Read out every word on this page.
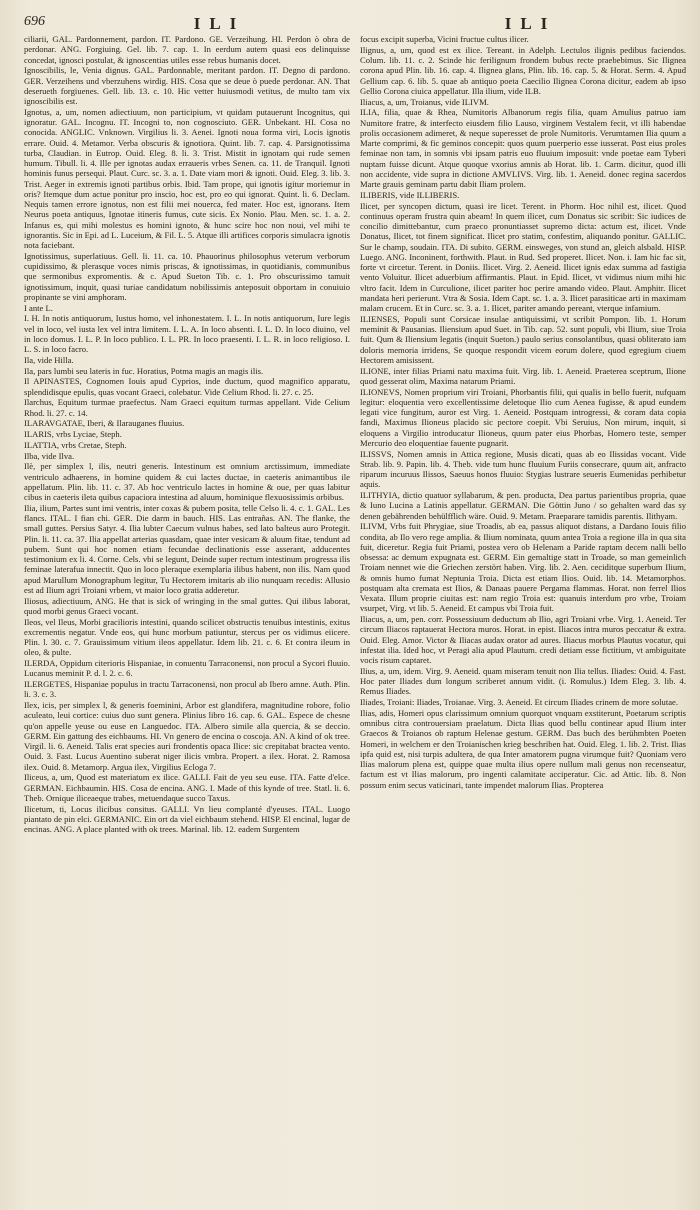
696	ILI	ILI

ciliarii, GAL. Pardonnement, pardon. IT. Pardono. GE. Verzeihung. HI. Perdon ò obra de perdonar. ANG. Forgiuing. Gel. lib. 7. cap. 1. In eerdum autem quasi eos delinquisse concedat, ignosci postulat, & ignoscentias utiles esse rebus humanis docet.

Ignoscibilis, le, Venia dignus. GAL. Pardonnable, meritant pardon. IT. Degno di pardono. GER. Verzeihens und vberzuhens wirdig. HIS. Cosa que se deue ò puede perdonar. AN. That deserueth forgiuenes. Gell. lib. 13. c. 10. Hic vetter huiusmodi vetitus, de multo tam vix ignoscibilis est.

Ignotus, a, um, nomen adiectiuum, non participium, vt quidam putauerunt Incognitus, qui ignoratur. GAL. Incognu. IT. Incogni to, non cognosciuto. GER. Unbekant. HI. Cosa no conocida. ANGLIC. Vnknown. Virgilius li. 3. Aenei. Ignoti noua forma viri, Locis ignotis errare. Ouid. 4. Metamor. Verba obscuris & ignotiora. Quint. lib. 7. cap. 4. Parsignotissima turba, Claudian. in Eutrop. Ouid. Eleg. 8. li. 3. Trist. Mistit in ignotam qui rude semen humum. Tibull. li. 4. Ille per ignotas audax erraueris vrbes Senen. ca. 11. de Tranquil. Ignoti hominis funus persequi. Plaut. Curc. sc. 3. a. 1. Date viam mori & ignoti. Ouid. Eleg. 3. lib. 3. Trist. Aeger in extremis ignoti partibus orbis. Ibid. Tam prope, qui ignotis igitur moriemur in oris? Itemque dum actue ponitur pro inscio, hoc est, pro eo qui ignorat. Quint. li. 6. Declam. Nequis tamen errore ignotus, non est filii mei nouerca, fed mater. Hoc est, ignorans. Item Neurus poeta antiquus, Ignotae itineris fumus, cute sicis. Ex Nonio. Plau. Men. sc. 1. a. 2. Infanus es, qui mihi molestus es homini ignoto, & hunc scire hoc non noui, vel mihi te ignorantis. Sic in Epi. ad L. Luceium, & Fil. L. 5. Atque illi artifices corporis simulacra ignotis nota faciebant.

Ignotissimus, superlatiuus. Gell. li. 11. ca. 10. Phauorinus philosophus veterum verborum cupidissimo, & plerasque voces nimis priscas, & ignotissimas, in quotidianis, communibus que sermonibus expromentis. & c. Apud Sueton Tib. c. 1. Pro obscurissimo tamuit ignotissimum, inquit, quasi turiae candidatum nobilissimis anteposuit obportam in conuiuio propinante se vini amphoram.

I ante L.

I. H. In notis antiquorum, Iustus homo, vel inhonestatem. I. L. In notis antiquorum, Iure legis vel in loco, vel iusta lex vel intra limitem. I. L. A. In loco absenti. I. L. D. In loco diuino, vel in loco domus. I. L. P. In loco publico. I. L. PR. In loco praesenti. I. L. R. in loco religioso. I. L. S. in loco facro.

Ila, vide Hilla.

Ila, pars lumbi seu lateris in fuc. Horatius, Potma magis an magis ilis.

Il APINASTES, Cognomen Iouis apud Cyprios, inde ductum, quod magnifico apparatu, splendidisque epulis, quas vocant Graeci, colebatur. Vide Celium Rhod. li. 27. c. 25.

Ilarchus, Equitum turmae praefectus. Nam Graeci equitum turmas appellant. Vide Celium Rhod. li. 27. c. 14.

ILARAVGATAE, Iberi, & Ilarauganes fluuius.

ILARIS, vrbs Lyciae, Steph.

ILATTIA, vrbs Cretae, Steph.

Ilba, vide Ilva.

Ilè, per simplex l, ilis, neutri generis. Intestinum est omnium arctissimum, immediate ventriculo adhaerens, in homine quidem & cui lactes ductae, in caeteris animantibus ile appellatum. Plin. lib. 11. c. 37. Ab hoc ventriculo lactes in homine & oue, per quas labitur cibus in caeteris ileta quibus capaciora intestina ad aluum, hominique flexuosissimis orbibus.

Ilia, ilium, Partes sunt imi ventris, inter coxas & pubem posita, telle Celso li. 4. c. 1. GAL. Les flancs. ITAL. I fian chi. GER. Die darm in bauch. HIS. Las entrañas. AN. The flanke, the small guttes. Persius Satyr. 4. Ilia lubter Caecum vulnus habes, sed lato balteus auro Protegit. Plin. li. 11. ca. 37. Ilia appellat arterias quasdam, quae inter vesicam & aluum fitae, tendunt ad pubem. Sunt qui hoc nomen etiam fecundae declinationis esse asserant, adducentes testimonium ex li. 4. Corne. Cels. vbi se legunt, Deinde super rectum intestinum progressa ilis feminae laterafua innectit. Quo in loco pleraque exemplaria ilibus habent, non ilis. Nam quod apud Marullum Monographum legitur, Tu Hectorem imitaris ab ilio nunquam recedis: Allusio est ad Ilium agri Troiani vrbem, vt maior loco gratia adderetur.

Iliosus, adiectiuum, ANG. He that is sick of wringing in the smal guttes. Qui ilibus laborat, quod morbi genus Graeci vocant.

Ileos, vel Ileus, Morbi gracilioris intestini, quando scilicet obstructis tenuibus intestinis, exitus excrementis negatur. Vnde eos, qui hunc morbum patiuntur, stercus per os vidimus eiicere. Plin. l. 30. c. 7. Grauissimum vitium ileos appellatur. Idem lib. 21. c. 6. Et contra ileum in oleo, & pulte.

ILERDA, Oppidum citerioris Hispaniae, in conuentu Tarraconensi, non procul a Sycori fluuio. Lucanus meminit P. d. l. 2. c. 6.

ILERGETES, Hispaniae populus in tractu Tarraconensi, non procul ab Ibero amne. Auth. Plin. li. 3. c. 3.

Ilex, icis, per simplex l, & generis foeminini, Arbor est glandifera, magnitudine robore, folio aculeato, leui cortice: cuius duo sunt genera. Plinius libro 16. cap. 6. GAL. Espece de chesne qu'on appelle yeuse ou euse en Languedoc. ITA. Albero simile alla quercia, & se deccio. GERM. Ein gattung des eichbaums. HI. Vn genero de encina o coscoja. AN. A kind of ok tree. Virgil. li. 6. Aeneid. Talis erat species auri frondentis opaca Ilice: sic crepitabat bractea vento. Ouid. 3. Fast. Lucus Auentino suberat niger ilicis vmbra. Propert. a ilex. Horat. 2. Ramosa ilex. Ouid. 8. Metamorp. Argua ilex, Virgilius Ecloga 7.

Iliceus, a, um, Quod est materiatum ex ilice. GALLI. Fait de yeu seu euse. ITA. Fatte d'elce. GERMAN. Eichbaumin. HIS. Cosa de encina. ANG. I. Made of this kynde of tree. Statl. li. 6. Theb. Ornique iliceaeque trabes, metuendaque succo Taxus.

Ilicetum, ti, Locus ilicibus consitus. GALLI. Vn lieu complanté d'yeuses. ITAL. Luogo piantato de pin elci. GERMANIC. Ein ort da viel eichbaum stehend. HISP. El encinal, lugar de encinas. ANG. A place planted with ok trees. Marinal. lib. 12. eadem Surgentem

focus excipit superba, Vicini fructue cultus ilicer.

Ilignus, a, um, quod est ex ilice. Tereant. in Adelph. Lectulos ilignis pedibus faciendos. Colum. lib. 11. c. 2. Scinde hic ferilignum frondem bubus recte praebebimus. Sic Ilignea corona apud Plin. lib. 16. cap. 4. Ilignea glans, Plin. lib. 16. cap. 5. & Horat. Serm. 4. Apud Gellium cap. 6. lib. 5. quae ab antiquo poeta Caecilio Ilignea Corona dicitur, eadem ab ipso Gellio Corona ciuica appellatur. Illa ilium, vide ILB.

Iliacus, a, um, Troianus, vide ILIVM.

ILIA, filia, quae & Rhea, Numitoris Albanorum regis filia, quam Amulius patruo iam Numitore fratre, & interfecto eiusdem filio Lauso, virginem Vestalem fecit, vt illi habendae prolis occasionem adimeret, & neque superesset de prole Numitoris. Verumtamen Ilia quum a Marte comprimi, & fic geminos concepit: quos quum puerperio esse iusserat. Post eius proles feminae non tam, in somnis vbi ipsam patris euo fluuium imposuit: vnde poetae eam Tyberi nuptam fuisse dicunt. Atque quoque vxorius amnis ab Horat. lib. 1. Carm. dicitur, quod illi non accidente, vide supra in dictione AMVLIVS. Virg. lib. 1. Aeneid. donec regina sacerdos Marte grauis geminam partu dabit Iliam prolem.

ILIBERIS, vide ILLIBERIS.

Ilicet, per syncopen dictum, quasi ire licet. Terent. in Phorm. Hoc nihil est, ilicet. Quod continuus operam frustra quin abeam! In quem ilicet, cum Donatus sic scribit: Sic iudices de concilio dimittebantur, cum praeco pronuntiasset supremo dicta: actum est, ilicet. Vnde Donatus, Ilicet, tot finem significat. Ilicet pro statim, confestim, aliquando ponitur. GALLIC. Sur le champ, soudain. ITA. Di subito. GERM. einsweges, von stund an, gleich alsbald. HISP. Luego. ANG. Inconinent, forthwith. Plaut. in Rud. Sed properet. Ilicet. Non. i. Iam hic fac sit, forte vt circetur. Terent. in Doniis. Ilicet. Virg. 2. Aeneid. Ilicet ignis edax summa ad fastigia vento Voluitur. Ilicet aduerbium affirmantis. Plaut. in Epid. Ilicet, vt vidimus nium mihi hic vltro facit. Idem in Curculione, ilicet pariter hoc perire amando video. Plaut. Amphitr. Ilicet mandata heri perierunt. Vtra & Sosia. Idem Capt. sc. 1. a. 3. Ilicet parasiticae arti in maximam malam crucem. Et in Curc. sc. 3. a. 1. Ilicet, pariter amando pereant, vterque infamium.

ILIENSES, Populi sunt Corsicae insulae antiquissimi, vt scribit Pompon. lib. 1. Horum meminit & Pausanias. Iliensium apud Suet. in Tib. cap. 52. sunt populi, vbi Ilium, siue Troia fuit. Qum & Iliensium legatis (inquit Sueton.) paulo serius consolantibus, quasi obliterato iam doloris memoria irridens, Se quoque respondit vicem eorum dolere, quod egregium ciuem Hectorem amisissent.

ILIONE, inter filias Priami natu maxima fuit. Virg. lib. 1. Aeneid. Praeterea sceptrum, Ilione quod gesserat olim, Maxima natarum Priami.

ILIONEVS, Nomen proprium viri Troiani, Phorbantis filii, qui qualis in bello fuerit, nufquam legitur: eloquentia vero excellentissime deletoque Ilio cum Aenea fugisse, & apud eundem legati vice fungitum, auror est Virg. 1. Aeneid. Postquam introgressi, & coram data copia fandi, Maximus Ilioneus placido sic pectore coepit. Vbi Seruius, Non mirum, inquit, si eloquens a Virgilio introducatur Ilioneus, quum pater eius Phorbas, Homero teste, semper Mercurio deo eloquentiae fauente pugnarit.

ILISSVS, Nomen amnis in Attica regione, Musis dicati, quas ab eo Ilissidas vocant. Vide Strab. lib. 9. Papin. lib. 4. Theb. vide tum hunc fluuium Furiis consecrare, quum ait, anfracto riparum incuruus Ilissos, Saeuus honos fluuio: Stygias lustrare seueris Eumenidas perhibetur aquis.

ILITHYIA, dictio quatuor syllabarum, & pen. producta, Dea partus parientibus propria, quae & Iuno Lucina a Latinis appellatur. GERMAN. Die Göttin Juno / so gehalten ward das sy denen gebährenden behülfflich wäre. Ouid. 9. Metam. Praeparare tamidis parentis. Ilithyam.

ILIVM, Vrbs fuit Phrygiae, siue Troadis, ab ea, passus aliquot distans, a Dardano Iouis filio condita, ab Ilo vero rege amplia. & Ilium nominata, quum antea Troia a regione illa in qua sita fuit, diceretur. Regia fuit Priami, postea vero ob Helenam a Paride raptam decem nalli bello obsessa: ac demum expugnata est. GERM. Ein gemaltige statt in Troade, so man gemeinlich Troiam nennet wie die Griechen zerstört haben. Virg. lib. 2. Aen. ceciditque superbum Ilium, & omnis humo fumat Neptunia Troia. Dicta est etiam Ilios. Ouid. lib. 14. Metamorphos. postquam alta cremata est Ilios, & Danaas pauere Pergama flammas. Horat. non ferrel Ilios Vexata. Illum proprie ciuitas est: nam regio Troia est: quanuis interdum pro vrbe, Troiam vsurpet, Virg. vt lib. 5. Aeneid. Et campus vbi Troia fuit.

Iliacus, a, um, pen. corr. Possessiuum deductum ab Ilio, agri Troiani vrbe. Virg. 1. Aeneid. Ter circum Iliacos raptauerat Hectora muros. Horat. in epist. Iliacos intra muros peccatur & extra. Ouid. Eleg. Amor. Victor & Iliacas audax orator ad aures. Iliacus morbus Plautus vocatur, qui infestat ilia. Ided hoc, vt Peragi alia apud Plautum. credi detiam esse fictitium, vt ambiguitate vocis risum captaret.

Ilius, a, um, idem. Virg. 9. Aeneid. quam miseram tenuit non Ilia tellus. Iliades: Ouid. 4. Fast. Hoc pater Iliades dum longum scriberet annum vidit. (i. Romulus.) Idem Eleg. 3. lib. 4. Remus Iliades.

Iliades, Troiani: Iliades, Troianae. Virg. 3. Aeneid. Et circum Iliades crinem de more solutae.

Ilias, adis, Homeri opus clarissimum omnium quorquot vnquam exstiterunt, Poetarum scriptis omnibus citra controuersiam praelatum. Dicta Ilias quod bellu continear apud Ilium inter Graecos & Troianos ob raptum Helenae gestum. GERM. Das buch des berühmbten Poeten Homeri, in welchem er den Troianischen krieg beschriben hat. Ouid. Eleg. 1. lib. 2. Trist. Ilias ipfa quid est, nisi turpis adultera, de qua Inter amatorem pugna virumque fuit? Quoniam vero Ilias malorum plena est, quippe quae multa ilius opere nullum mali genus non recenseatur, factum est vt Ilias malorum, pro ingenti calamitate acciperatur. Cic. ad Attic. lib. 8. Non possum enim secus vaticinari, tante impendet malorum Ilias. Propterea
